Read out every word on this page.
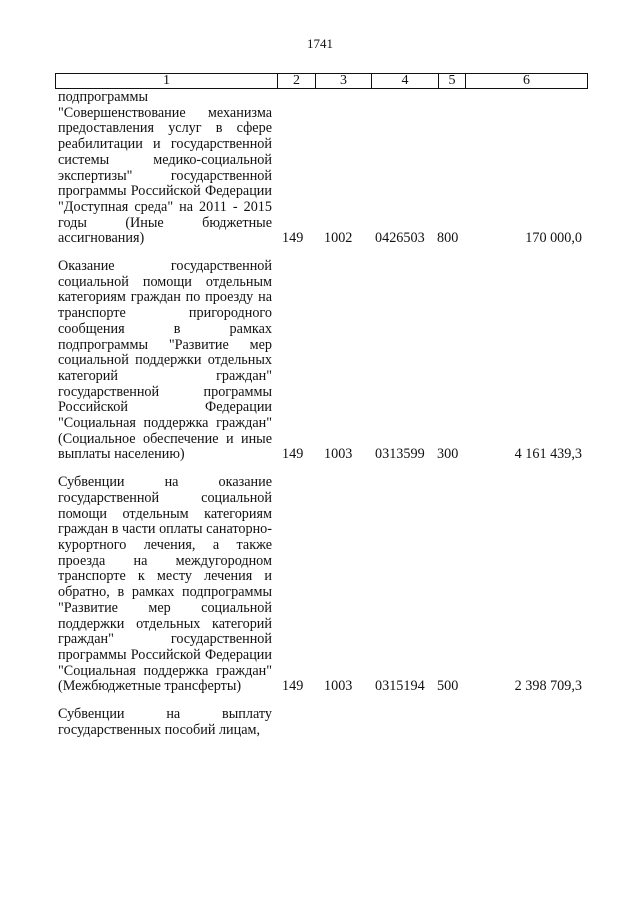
1741
1	2	3	4	5	6
подпрограммы "Совершенствование механизма предоставления услуг в сфере реабилитации и государственной системы медико-социальной экспертизы" государственной программы Российской Федерации "Доступная среда" на 2011 - 2015 годы (Иные бюджетные ассигнования)	149 1002 0426503 800	170 000,0
Оказание государственной социальной помощи отдельным категориям граждан по проезду на транспорте пригородного сообщения в рамках подпрограммы "Развитие мер социальной поддержки отдельных категорий граждан" государственной программы Российской Федерации "Социальная поддержка граждан" (Социальное обеспечение и иные выплаты населению)	149 1003 0313599 300	4 161 439,3
Субвенции на оказание государственной социальной помощи отдельным категориям граждан в части оплаты санаторно-курортного лечения, а также проезда на междугородном транспорте к месту лечения и обратно, в рамках подпрограммы "Развитие мер социальной поддержки отдельных категорий граждан" государственной программы Российской Федерации "Социальная поддержка граждан" (Межбюджетные трансферты)	149 1003 0315194 500	2 398 709,3
Субвенции на выплату государственных пособий лицам,
